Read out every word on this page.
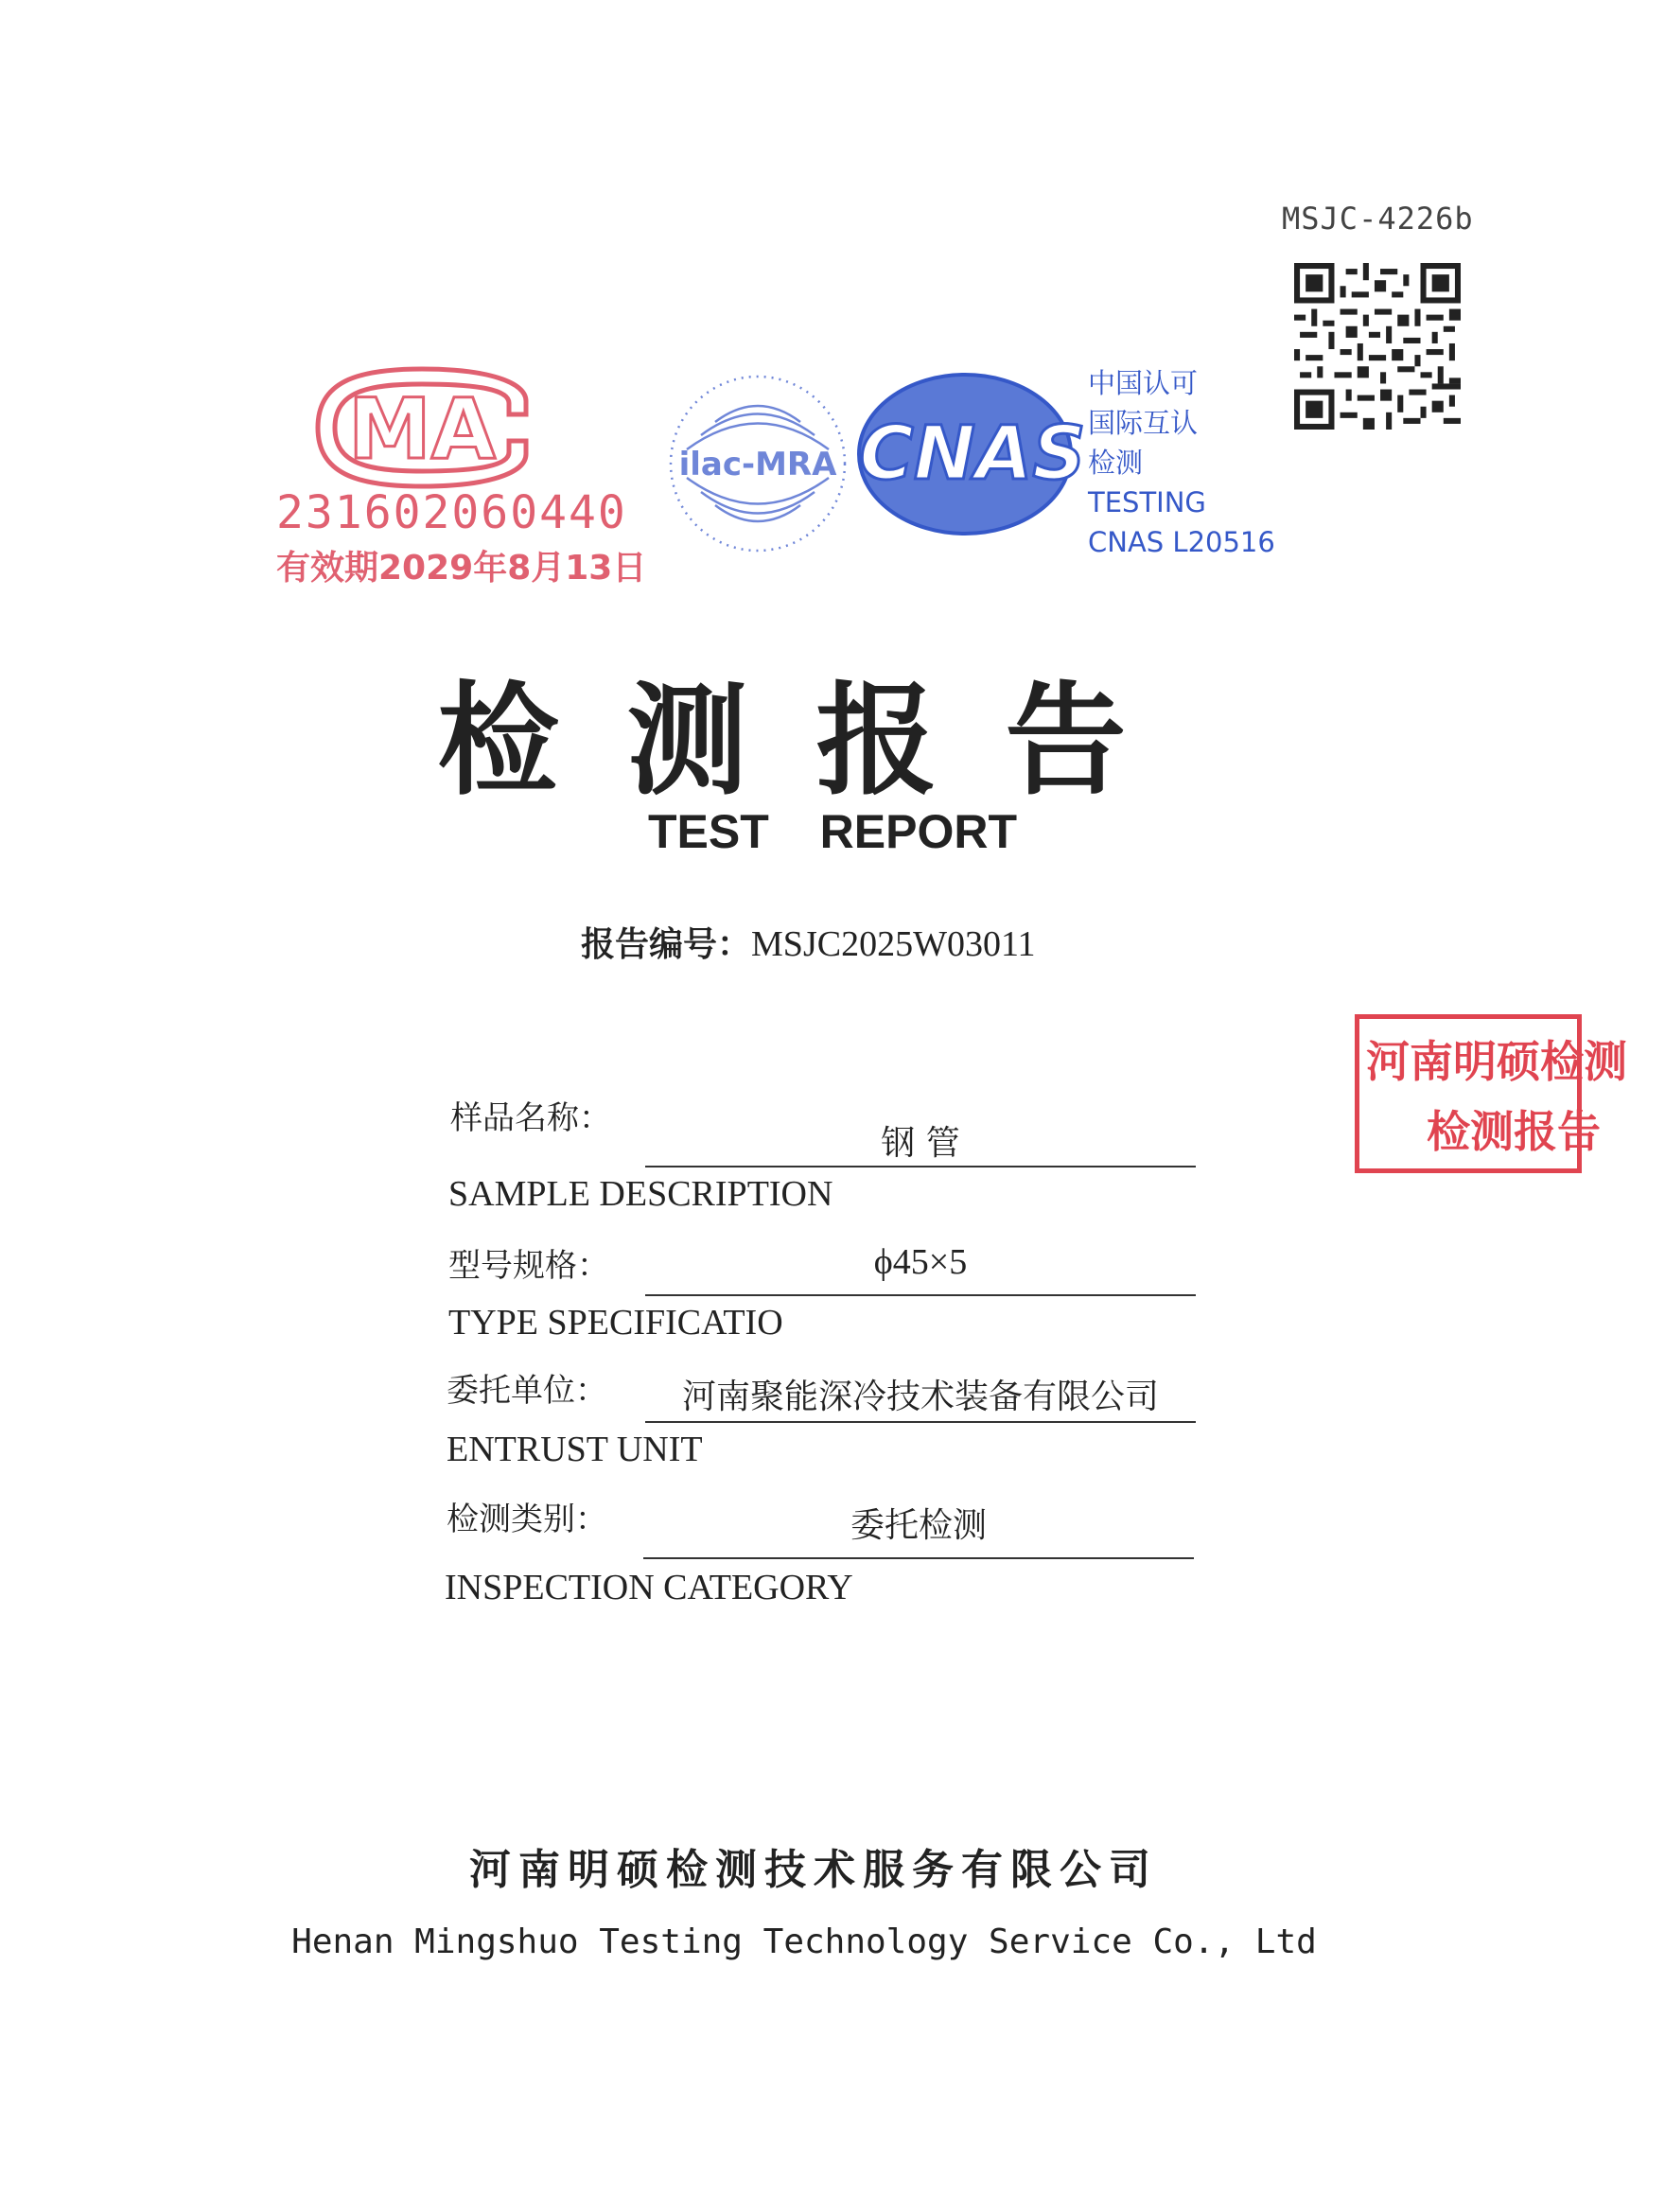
MSJC-4226b
MA
231602060440
有效期2029年8月13日
ilac-MRA CNAS
中国认可
国际互认
检测
TESTING
CNAS L20516
检测报告
TEST REPORT
报告编号：MSJC2025W03011
样品名称：
钢 管
SAMPLE DESCRIPTION
型号规格：	ϕ45×5
TYPE SPECIFICATIO
委托单位：	河南聚能深冷技术装备有限公司
ENTRUST UNIT
检测类别：	委托检测
INSPECTION CATEGORY
河南明硕检测
检测报告
河南明硕检测技术服务有限公司
Henan Mingshuo Testing Technology Service Co., Ltd
